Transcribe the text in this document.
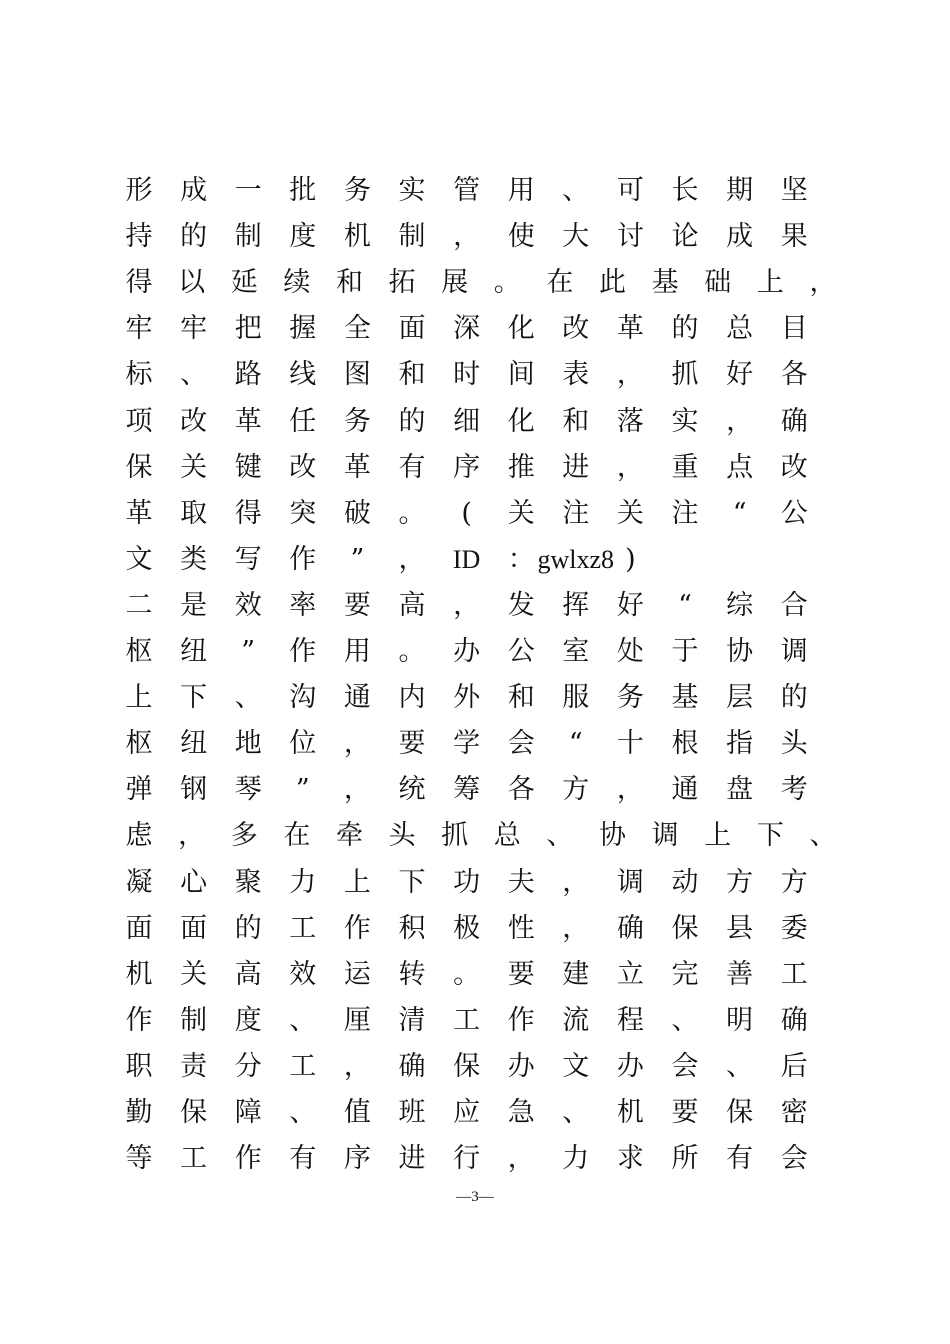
形 成 一 批 务 实 管 用 、 可 长 期 坚
持 的 制 度 机 制 ， 使 大 讨 论 成 果
得 以 延 续 和 拓 展 。 在 此 基 础 上 ，
牢 牢 把 握 全 面 深 化 改 革 的 总 目
标 、 路 线 图 和 时 间 表 ， 抓 好 各
项 改 革 任 务 的 细 化 和 落 实 ， 确
保 关 键 改 革 有 序 推 进 ， 重 点 改
革 取 得 突 破 。	(	关 注 关 注	“	公
文 类 写 作	”	， ID ： gwlxz8 )
二 是 效 率 要 高 ， 发 挥 好	“	综 合
枢 纽	”	作 用 。 办 公 室 处 于 协 调
上 下 、 沟 通 内 外 和 服 务 基 层 的
枢 纽 地 位 ， 要 学 会	“	十 根 指 头
弹 钢 琴	”	， 统 筹 各 方 ， 通 盘 考
虑 ， 多 在 牵 头 抓 总 、 协 调 上 下 、
凝 心 聚 力 上 下 功 夫 ， 调 动 方 方
面 面 的 工 作 积 极 性 ， 确 保 县 委
机 关 高 效 运 转 。 要 建 立 完 善 工
作 制 度 、 厘 清 工 作 流 程 、 明 确
职 责 分 工 ， 确 保 办 文 办 会 、 后
勤 保 障 、 值 班 应 急 、 机 要 保 密
等 工 作 有 序 进 行 ， 力 求 所 有 会
—3—
